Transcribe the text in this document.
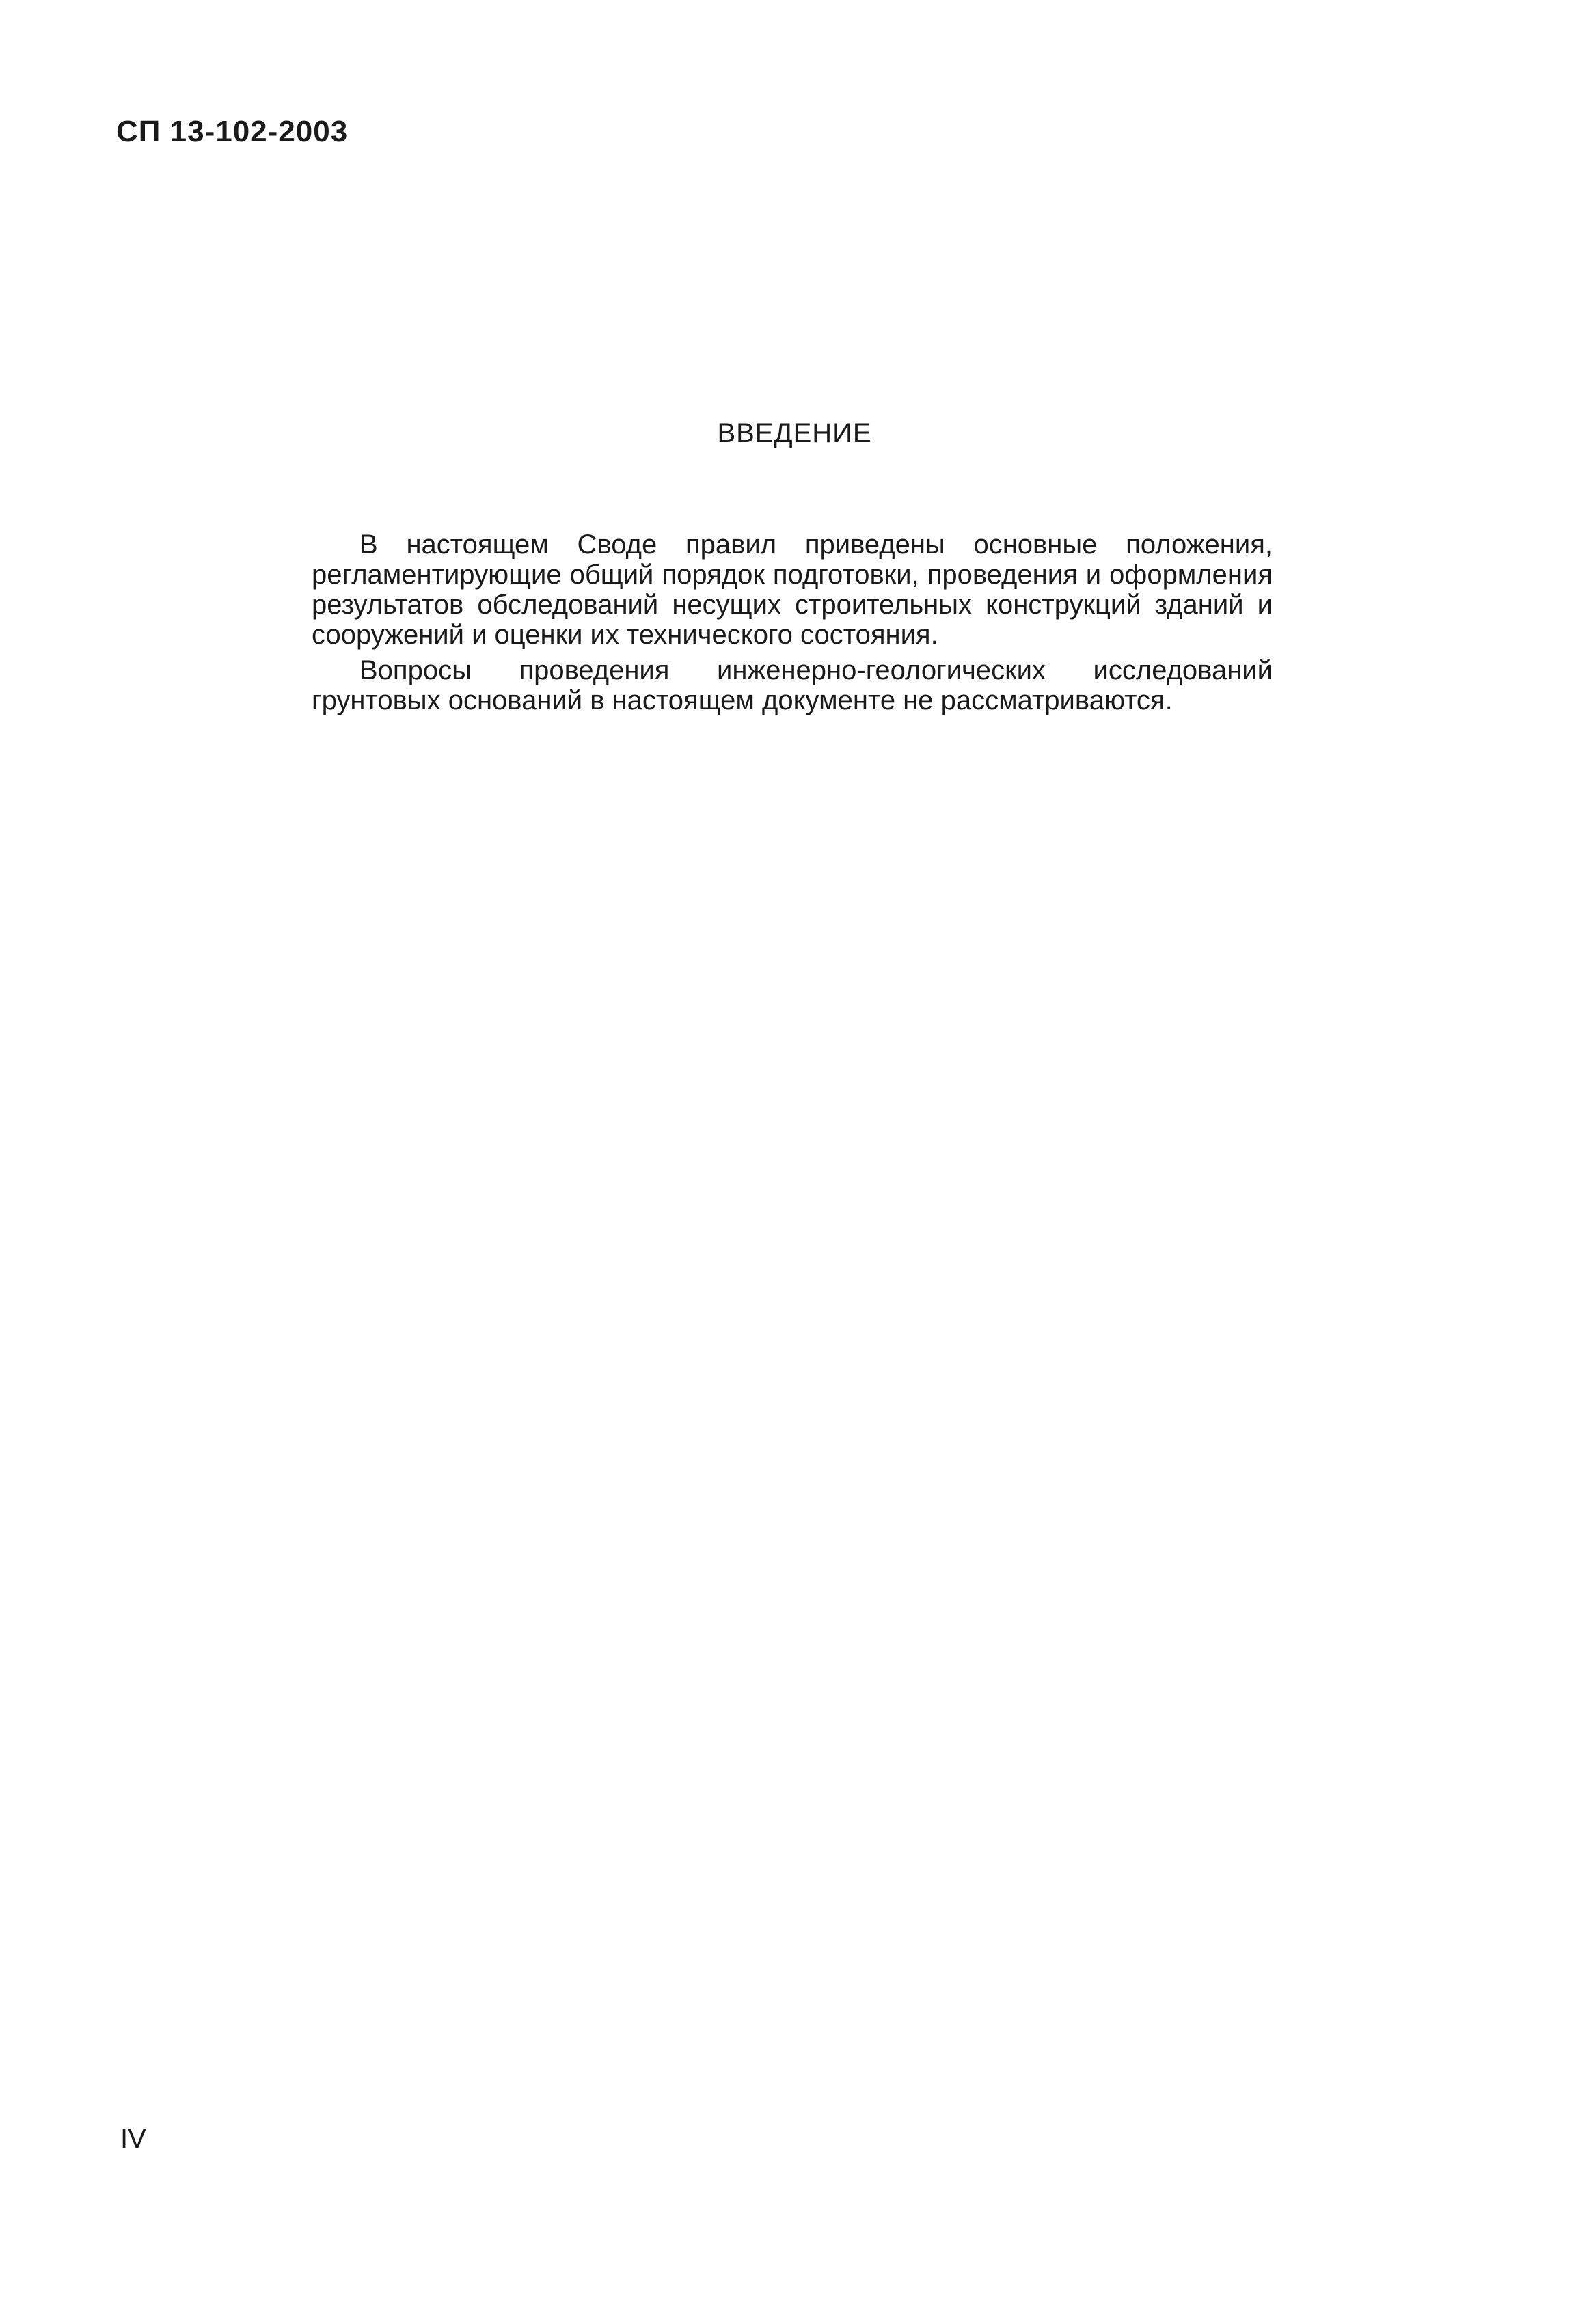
СП 13-102-2003
ВВЕДЕНИЕ

В настоящем Своде правил приведены основные положения, регламентирующие общий порядок подготовки, проведения и оформления результатов обследований несущих строительных конструкций зданий и сооружений и оценки их технического состояния.

Вопросы проведения инженерно-геологических исследований грунтовых оснований в настоящем документе не рассматриваются.

IV
